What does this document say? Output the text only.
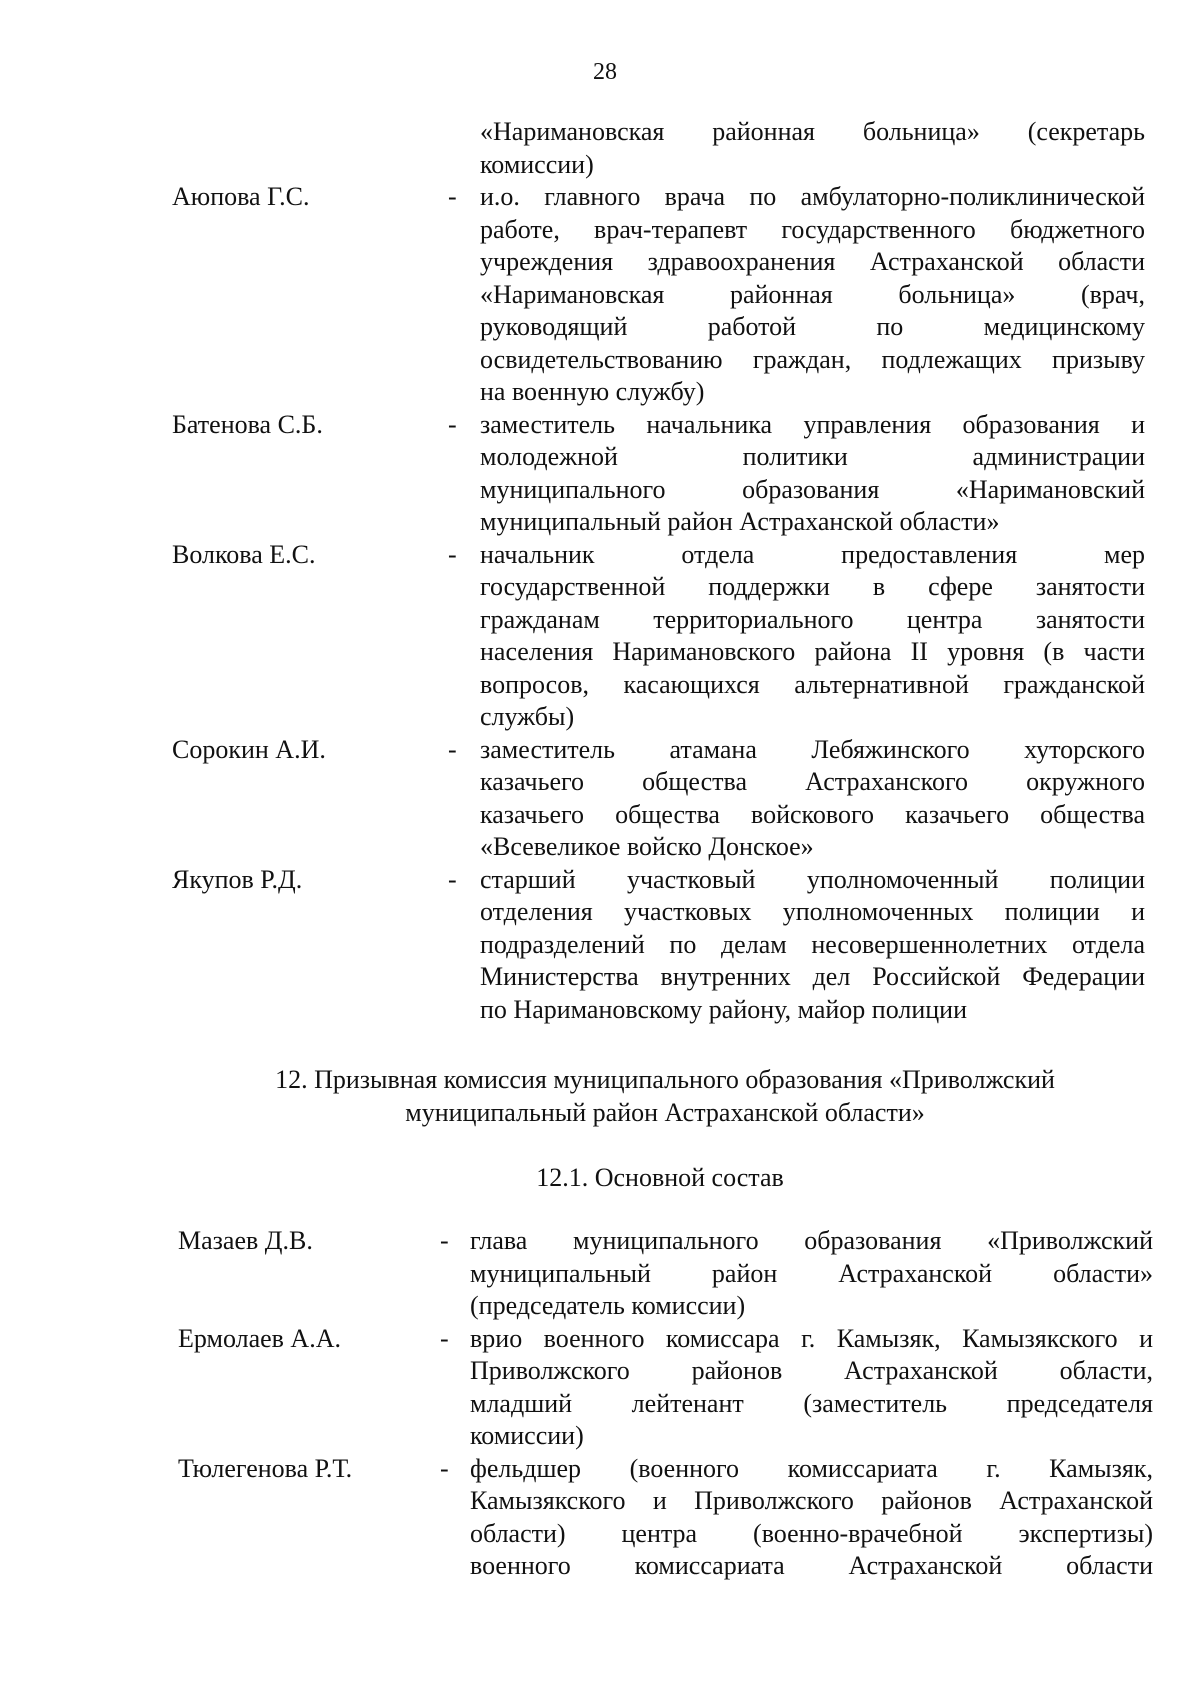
28
«Наримановская районная больница» (секретарь
комиссии)
Аюпова Г.С.	- и.о. главного врача по амбулаторно-поликлинической
работе, врач-терапевт государственного бюджетного
учреждения здравоохранения Астраханской области
«Наримановская районная больница» (врач,
руководящий работой по медицинскому
освидетельствованию граждан, подлежащих призыву
на военную службу)
Батенова С.Б.	- заместитель начальника управления образования и
молодежной политики администрации
муниципального образования «Наримановский
муниципальный район Астраханской области»
Волкова Е.С.	- начальник отдела предоставления мер
государственной поддержки в сфере занятости
гражданам территориального центра занятости
населения Наримановского района II уровня (в части
вопросов, касающихся альтернативной гражданской
службы)
Сорокин А.И.	- заместитель атамана Лебяжинского хуторского
казачьего общества Астраханского окружного
казачьего общества войскового казачьего общества
«Всевеликое войско Донское»
Якупов Р.Д.	- старший участковый уполномоченный полиции
отделения участковых уполномоченных полиции и
подразделений по делам несовершеннолетних отдела
Министерства внутренних дел Российской Федерации
по Наримановскому району, майор полиции
12. Призывная комиссия муниципального образования «Приволжский
муниципальный район Астраханской области»
12.1. Основной состав
Мазаев Д.В.	- глава муниципального образования «Приволжский
муниципальный район Астраханской области»
(председатель комиссии)
Ермолаев А.А.	- врио военного комиссара г. Камызяк, Камызякского и
Приволжского районов Астраханской области,
младший лейтенант (заместитель председателя
комиссии)
Тюлегенова Р.Т.	- фельдшер (военного комиссариата г. Камызяк,
Камызякского и Приволжского районов Астраханской
области) центра (военно-врачебной экспертизы)
военного комиссариата Астраханской области
